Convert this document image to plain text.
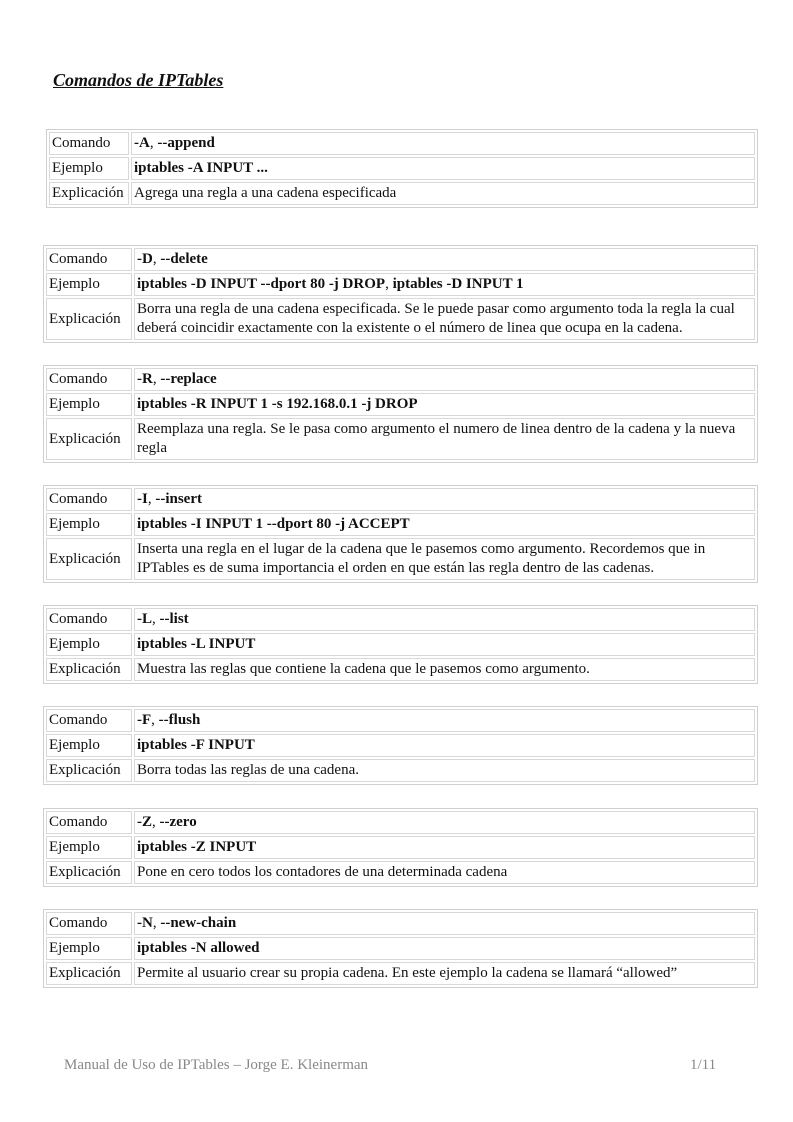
Comandos de IPTables
Comando	-A, --append
Ejemplo	iptables -A INPUT ...
Explicación	Agrega una regla a una cadena especificada
Comando	-D, --delete
Ejemplo	iptables -D INPUT --dport 80 -j DROP, iptables -D INPUT 1
Explicación	Borra una regla de una cadena especificada. Se le puede pasar como argumento toda la regla la cual deberá coincidir exactamente con la existente o el número de linea que ocupa en la cadena.
Comando	-R, --replace
Ejemplo	iptables -R INPUT 1 -s 192.168.0.1 -j DROP
Explicación	Reemplaza una regla. Se le pasa como argumento el numero de linea dentro de la cadena y la nueva regla
Comando	-I, --insert
Ejemplo	iptables -I INPUT 1 --dport 80 -j ACCEPT
Explicación	Inserta una regla en el lugar de la cadena que le pasemos como argumento. Recordemos que in IPTables es de suma importancia el orden en que están las regla dentro de las cadenas.
Comando	-L, --list
Ejemplo	iptables -L INPUT
Explicación	Muestra las reglas que contiene la cadena que le pasemos como argumento.
Comando	-F, --flush
Ejemplo	iptables -F INPUT
Explicación	Borra todas las reglas de una cadena.
Comando	-Z, --zero
Ejemplo	iptables -Z INPUT
Explicación	Pone en cero todos los contadores de una determinada cadena
Comando	-N, --new-chain
Ejemplo	iptables -N allowed
Explicación	Permite al usuario crear su propia cadena. En este ejemplo la cadena se llamará “allowed”
Manual de Uso de IPTables – Jorge E. Kleinerman	1/11
